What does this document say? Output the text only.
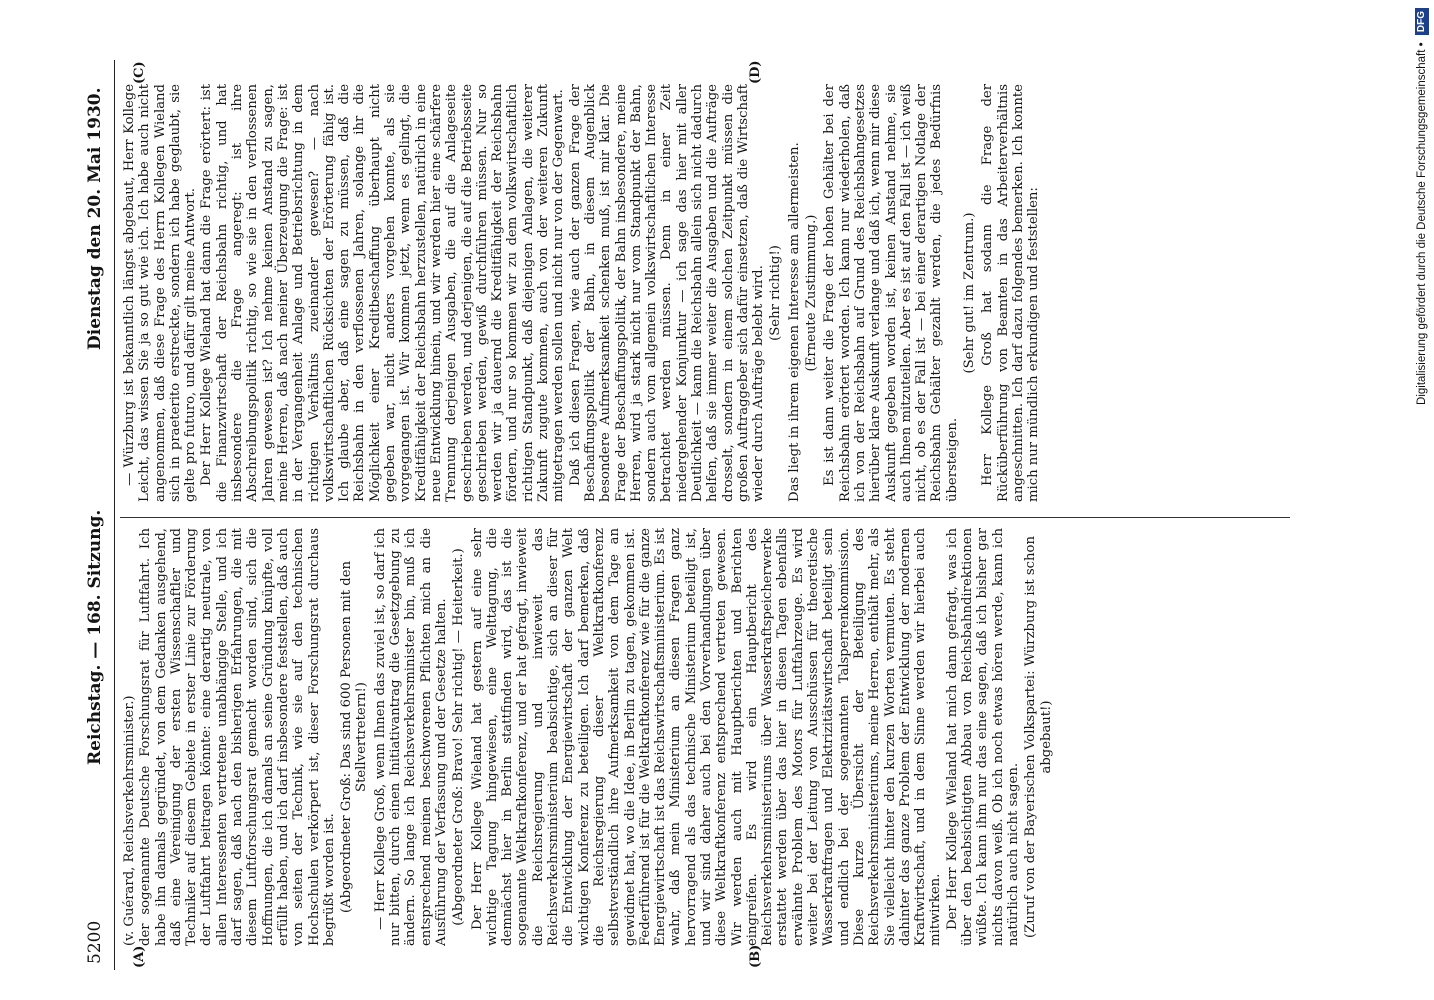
5200
Reichstag. — 168. Sitzung.
Dienstag den 20. Mai 1930.
(A)	(B)
(C)	(D)

(v. Guérard, Reichsverkehrsminister.) der sogenannte Deutsche Forschungsrat für Luftfahrt. Ich habe ihn damals gegründet, von dem Gedanken ausgehend, daß eine Vereinigung der ersten Wissenschaftler und Techniker auf diesem Gebiete in erster Linie zur Förderung der Luftfahrt beitragen könnte: eine derartig neutrale, von allen Interessenten vertretene unabhängige Stelle, und ich darf sagen, daß nach den bisherigen Erfahrungen, die mit diesem Luftforschungsrat gemacht worden sind, sich die Hoffnungen, die ich damals an seine Gründung knüpfte, voll erfüllt haben, und ich darf insbesondere feststellen, daß auch von seiten der Technik, wie sie auf den technischen Hochschulen verkörpert ist, dieser Forschungsrat durchaus begrüßt worden ist. (Abgeordneter Groß: Das sind 600 Personen mit den Stellvertretern!) — Herr Kollege Groß, wenn Ihnen das zuviel ist, so darf ich nur bitten, durch einen Initiativantrag die Gesetzgebung zu ändern. So lange ich Reichsverkehrsminister bin, muß ich entsprechend meinen beschworenen Pflichten mich an die Ausführung der Verfassung und der Gesetze halten. (Abgeordneter Groß: Bravo! Sehr richtig! — Heiterkeit.) Der Herr Kollege Wieland hat gestern auf eine sehr wichtige Tagung hingewiesen, eine Welttagung, die demnächst hier in Berlin stattfinden wird, das ist die sogenannte Weltkraftkonferenz, und er hat gefragt, inwieweit die Reichsregierung und inwieweit das Reichsverkehrsministerium beabsichtige, sich an dieser für die Entwicklung der Energiewirtschaft der ganzen Welt wichtigen Konferenz zu beteiligen. Ich darf bemerken, daß die Reichsregierung dieser Weltkraftkonferenz selbstverständlich ihre Aufmerksamkeit von dem Tage an gewidmet hat, wo die Idee, in Berlin zu tagen, gekommen ist. Federführend ist für die Weltkraftkonferenz wie für die ganze Energiewirtschaft ist das Reichswirtschaftsministerium. Es ist wahr, daß mein Ministerium an diesen Fragen ganz hervorragend als das technische Ministerium beteiligt ist, und wir sind daher auch bei den Vorverhandlungen über diese Weltkraftkonferenz entsprechend vertreten gewesen. Wir werden auch mit Hauptberichten und Berichten eingreifen. Es wird ein Hauptbericht des Reichsverkehrsministeriums über Wasserkraftspeicherwerke erstattet werden über das hier in diesen Tagen ebenfalls erwähnte Problem des Motors für Luftfahrzeuge. Es wird weiter bei der Leitung von Ausschüssen für theoretische Wasserkraftfragen und Elektrizitätswirtschaft beteiligt sein und endlich bei der sogenannten Talsperrenkommission. Diese kurze Übersicht der Beteiligung des Reichsverkehrsministeriums, meine Herren, enthält mehr, als Sie vielleicht hinter den kurzen Worten vermuten. Es steht dahinter das ganze Problem der Entwicklung der modernen Kraftwirtschaft, und in dem Sinne werden wir hierbei auch mitwirken. Der Herr Kollege Wieland hat mich dann gefragt, was ich über den beabsichtigten Abbau von Reichsbahndirektionen wüßte. Ich kann ihm nur das eine sagen, daß ich bisher gar nichts davon weiß. Ob ich noch etwas hören werde, kann ich natürlich auch nicht sagen. (Zuruf von der Bayerischen Volkspartei: Würzburg ist schon abgebaut!)

— Würzburg ist bekanntlich längst abgebaut, Herr Kollege Leicht, das wissen Sie ja so gut wie ich. Ich habe auch nicht angenommen, daß diese Frage des Herrn Kollegen Wieland sich in praeterito erstreckte, sondern ich habe geglaubt, sie gelte pro futuro, und dafür gilt meine Antwort. Der Herr Kollege Wieland hat dann die Frage erörtert: ist die Finanzwirtschaft der Reichsbahn richtig, und hat insbesondere die Frage angeregt: ist ihre Abschreibungspolitik richtig, so wie sie in den verflossenen Jahren gewesen ist? Ich nehme keinen Anstand zu sagen, meine Herren, daß nach meiner Überzeugung die Frage: ist in der Vergangenheit Anlage und Betriebsrichtung in dem richtigen Verhältnis zueinander gewesen? — nach volkswirtschaftlichen Rücksichten der Erörterung fähig ist. Ich glaube aber, daß eine sagen zu müssen, daß die Reichsbahn in den verflossenen Jahren, solange ihr die Möglichkeit einer Kreditbeschaffung überhaupt nicht gegeben war, nicht anders vorgehen konnte, als sie vorgegangen ist. Wir kommen jetzt, wenn es gelingt, die Kreditfähigkeit der Reichsbahn herzustellen, natürlich in eine neue Entwicklung hinein, und wir werden hier eine schärfere Trennung derjenigen Ausgaben, die auf die Anlageseite geschrieben werden, und derjenigen, die auf die Betriebsseite geschrieben werden, gewiß durchführen müssen. Nur so werden wir ja dauernd die Kreditfähigkeit der Reichsbahn fördern, und nur so kommen wir zu dem volkswirtschaftlich richtigen Standpunkt, daß diejenigen Anlagen, die weiterer Zukunft zugute kommen, auch von der weiteren Zukunft mitgetragen werden sollen und nicht nur von der Gegenwart. Daß ich diesen Fragen, wie auch der ganzen Frage der Beschaffungspolitik der Bahn, in diesem Augenblick besondere Aufmerksamkeit schenken muß, ist mir klar. Die Frage der Beschaffungspolitik, der Bahn insbesondere, meine Herren, wird ja stark nicht nur vom Standpunkt der Bahn, sondern auch vom allgemein volkswirtschaftlichen Interesse betrachtet werden müssen. Denn in einer Zeit niedergehender Konjunktur — ich sage das hier mit aller Deutlichkeit — kann die Reichsbahn allein sich nicht dadurch helfen, daß sie immer weiter die Ausgaben und die Aufträge drosselt, sondern in einem solchen Zeitpunkt müssen die großen Auftraggeber sich dafür einsetzen, daß die Wirtschaft wieder durch Aufträge belebt wird. (Sehr richtig!) Das liegt in ihrem eigenen Interesse am allermeisten. (Erneute Zustimmung.) Es ist dann weiter die Frage der hohen Gehälter bei der Reichsbahn erörtert worden. Ich kann nur wiederholen, daß ich von der Reichsbahn auf Grund des Reichsbahngesetzes hierüber klare Auskunft verlange und daß ich, wenn mir diese Auskunft gegeben worden ist, keinen Anstand nehme, sie auch Ihnen mitzuteilen. Aber es ist auf den Fall ist — ich weiß nicht, ob es der Fall ist — bei einer derartigen Notlage der Reichsbahn Gehälter gezahlt werden, die jedes Bedürfnis übersteigen.

(Sehr gut! im Zentrum.) Herr Kollege Groß hat sodann die Frage der Rücküberführung von Beamten in das Arbeiterverhältnis angeschnitten. Ich darf dazu folgendes bemerken. Ich konnte mich nur mündlich erkundigen und feststellen:	Digitalisierung gefördert durch die Deutsche Forschungsgemeinschaft • DFG
